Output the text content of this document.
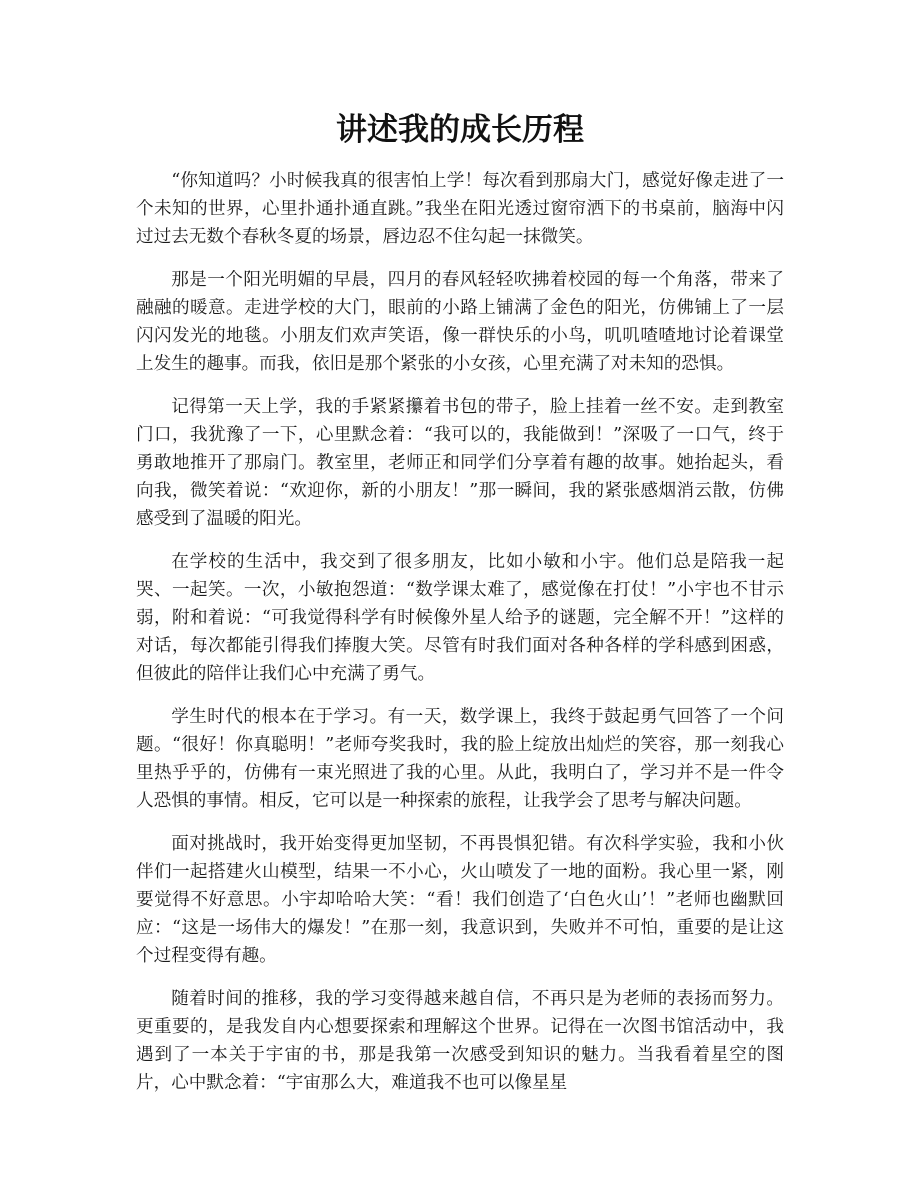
讲述我的成长历程

“你知道吗？小时候我真的很害怕上学！每次看到那扇大门，感觉好像走进了一个未知的世界，心里扑通扑通直跳。”我坐在阳光透过窗帘洒下的书桌前，脑海中闪过过去无数个春秋冬夏的场景，唇边忍不住勾起一抹微笑。

那是一个阳光明媚的早晨，四月的春风轻轻吹拂着校园的每一个角落，带来了融融的暖意。走进学校的大门，眼前的小路上铺满了金色的阳光，仿佛铺上了一层闪闪发光的地毯。小朋友们欢声笑语，像一群快乐的小鸟，叽叽喳喳地讨论着课堂上发生的趣事。而我，依旧是那个紧张的小女孩，心里充满了对未知的恐惧。

记得第一天上学，我的手紧紧攥着书包的带子，脸上挂着一丝不安。走到教室门口，我犹豫了一下，心里默念着：“我可以的，我能做到！”深吸了一口气，终于勇敢地推开了那扇门。教室里，老师正和同学们分享着有趣的故事。她抬起头，看向我，微笑着说：“欢迎你，新的小朋友！”那一瞬间，我的紧张感烟消云散，仿佛感受到了温暖的阳光。

在学校的生活中，我交到了很多朋友，比如小敏和小宇。他们总是陪我一起哭、一起笑。一次，小敏抱怨道：“数学课太难了，感觉像在打仗！”小宇也不甘示弱，附和着说：“可我觉得科学有时候像外星人给予的谜题，完全解不开！”这样的对话，每次都能引得我们捧腹大笑。尽管有时我们面对各种各样的学科感到困惑，但彼此的陪伴让我们心中充满了勇气。

学生时代的根本在于学习。有一天，数学课上，我终于鼓起勇气回答了一个问题。“很好！你真聪明！”老师夸奖我时，我的脸上绽放出灿烂的笑容，那一刻我心里热乎乎的，仿佛有一束光照进了我的心里。从此，我明白了，学习并不是一件令人恐惧的事情。相反，它可以是一种探索的旅程，让我学会了思考与解决问题。

面对挑战时，我开始变得更加坚韧，不再畏惧犯错。有次科学实验，我和小伙伴们一起搭建火山模型，结果一不小心，火山喷发了一地的面粉。我心里一紧，刚要觉得不好意思。小宇却哈哈大笑：“看！我们创造了‘白色火山’！”老师也幽默回应：“这是一场伟大的爆发！”在那一刻，我意识到，失败并不可怕，重要的是让这个过程变得有趣。

随着时间的推移，我的学习变得越来越自信，不再只是为老师的表扬而努力。更重要的，是我发自内心想要探索和理解这个世界。记得在一次图书馆活动中，我遇到了一本关于宇宙的书，那是我第一次感受到知识的魅力。当我看着星空的图片，心中默念着：“宇宙那么大，难道我不也可以像星星
